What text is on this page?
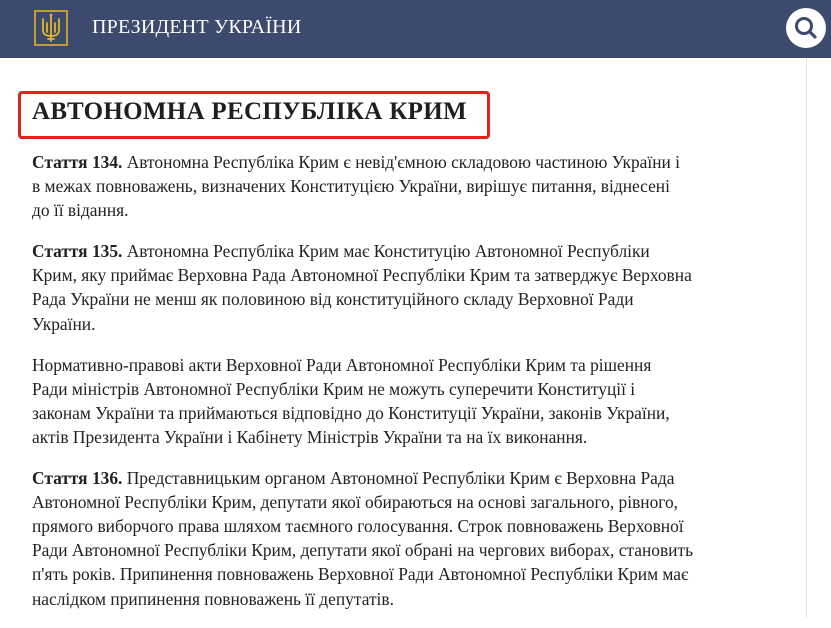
ПРЕЗИДЕНТ УКРАЇНИ
АВТОНОМНА РЕСПУБЛІКА КРИМ

Стаття 134. Автономна Республіка Крим є невід'ємною складовою частиною України і
в межах повноважень, визначених Конституцією України, вирішує питання, віднесені
до її відання.

Стаття 135. Автономна Республіка Крим має Конституцію Автономної Республіки
Крим, яку приймає Верховна Рада Автономної Республіки Крим та затверджує Верховна
Рада України не менш як половиною від конституційного складу Верховної Ради
України.

Нормативно-правові акти Верховної Ради Автономної Республіки Крим та рішення
Ради міністрів Автономної Республіки Крим не можуть суперечити Конституції і
законам України та приймаються відповідно до Конституції України, законів України,
актів Президента України і Кабінету Міністрів України та на їх виконання.

Стаття 136. Представницьким органом Автономної Республіки Крим є Верховна Рада
Автономної Республіки Крим, депутати якої обираються на основі загального, рівного,
прямого виборчого права шляхом таємного голосування. Строк повноважень Верховної
Ради Автономної Республіки Крим, депутати якої обрані на чергових виборах, становить
п'ять років. Припинення повноважень Верховної Ради Автономної Республіки Крим має
наслідком припинення повноважень її депутатів.
